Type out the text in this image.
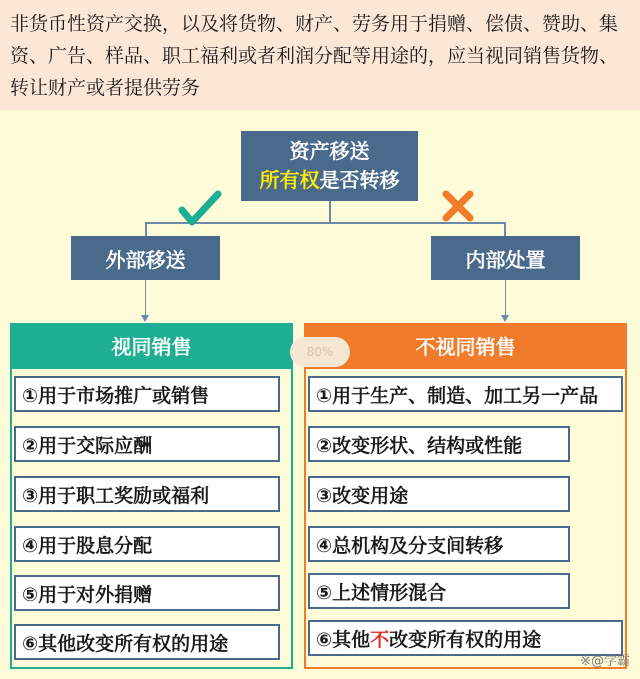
非货币性资产交换，以及将货物、财产、劳务用于捐赠、偿债、赞助、集资、广告、样品、职工福利或者利润分配等用途的，应当视同销售货物、转让财产或者提供劳务
资产移送
所有权是否转移
外部移送	内部处置
视同销售
①用于市场推广或销售
②用于交际应酬
③用于职工奖励或福利
④用于股息分配
⑤用于对外捐赠
⑥其他改变所有权的用途
不视同销售
①用于生产、制造、加工另一产品
②改变形状、结构或性能
③改变用途
④总机构及分支间转移
⑤上述情形混合
⑥其他 不 改变所有权的用途
80%
※@学霸
